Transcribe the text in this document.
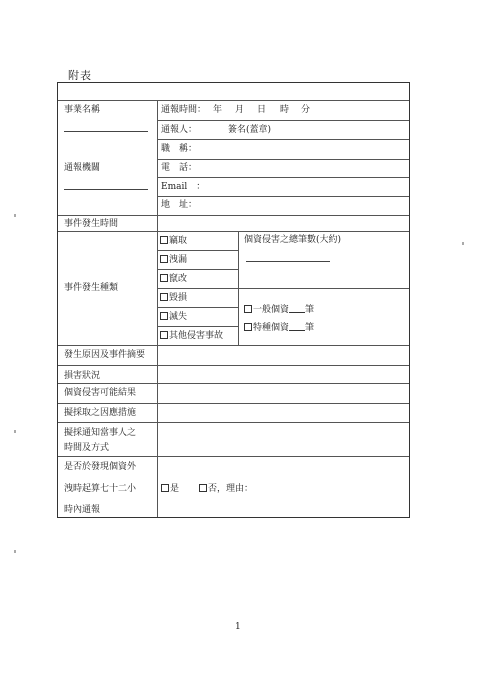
附表
事業名稱
通報機關
事件發生時間
事件發生種類
發生原因及事件摘要
損害狀況
個資侵害可能結果
擬採取之因應措施
擬採通知當事人之
時間及方式
是否於發現個資外
洩時起算七十二小
時內通報
通報時間： 年 月 日 時 分
通報人：	簽名(蓋章)
職　稱：
電　話：
Email　：
地　址：
竊取
洩漏
竄改
毀損
滅失
其他侵害事故
個資侵害之總筆數(大約)
一般個資 筆
特種個資 筆
是	否，理由：
1
